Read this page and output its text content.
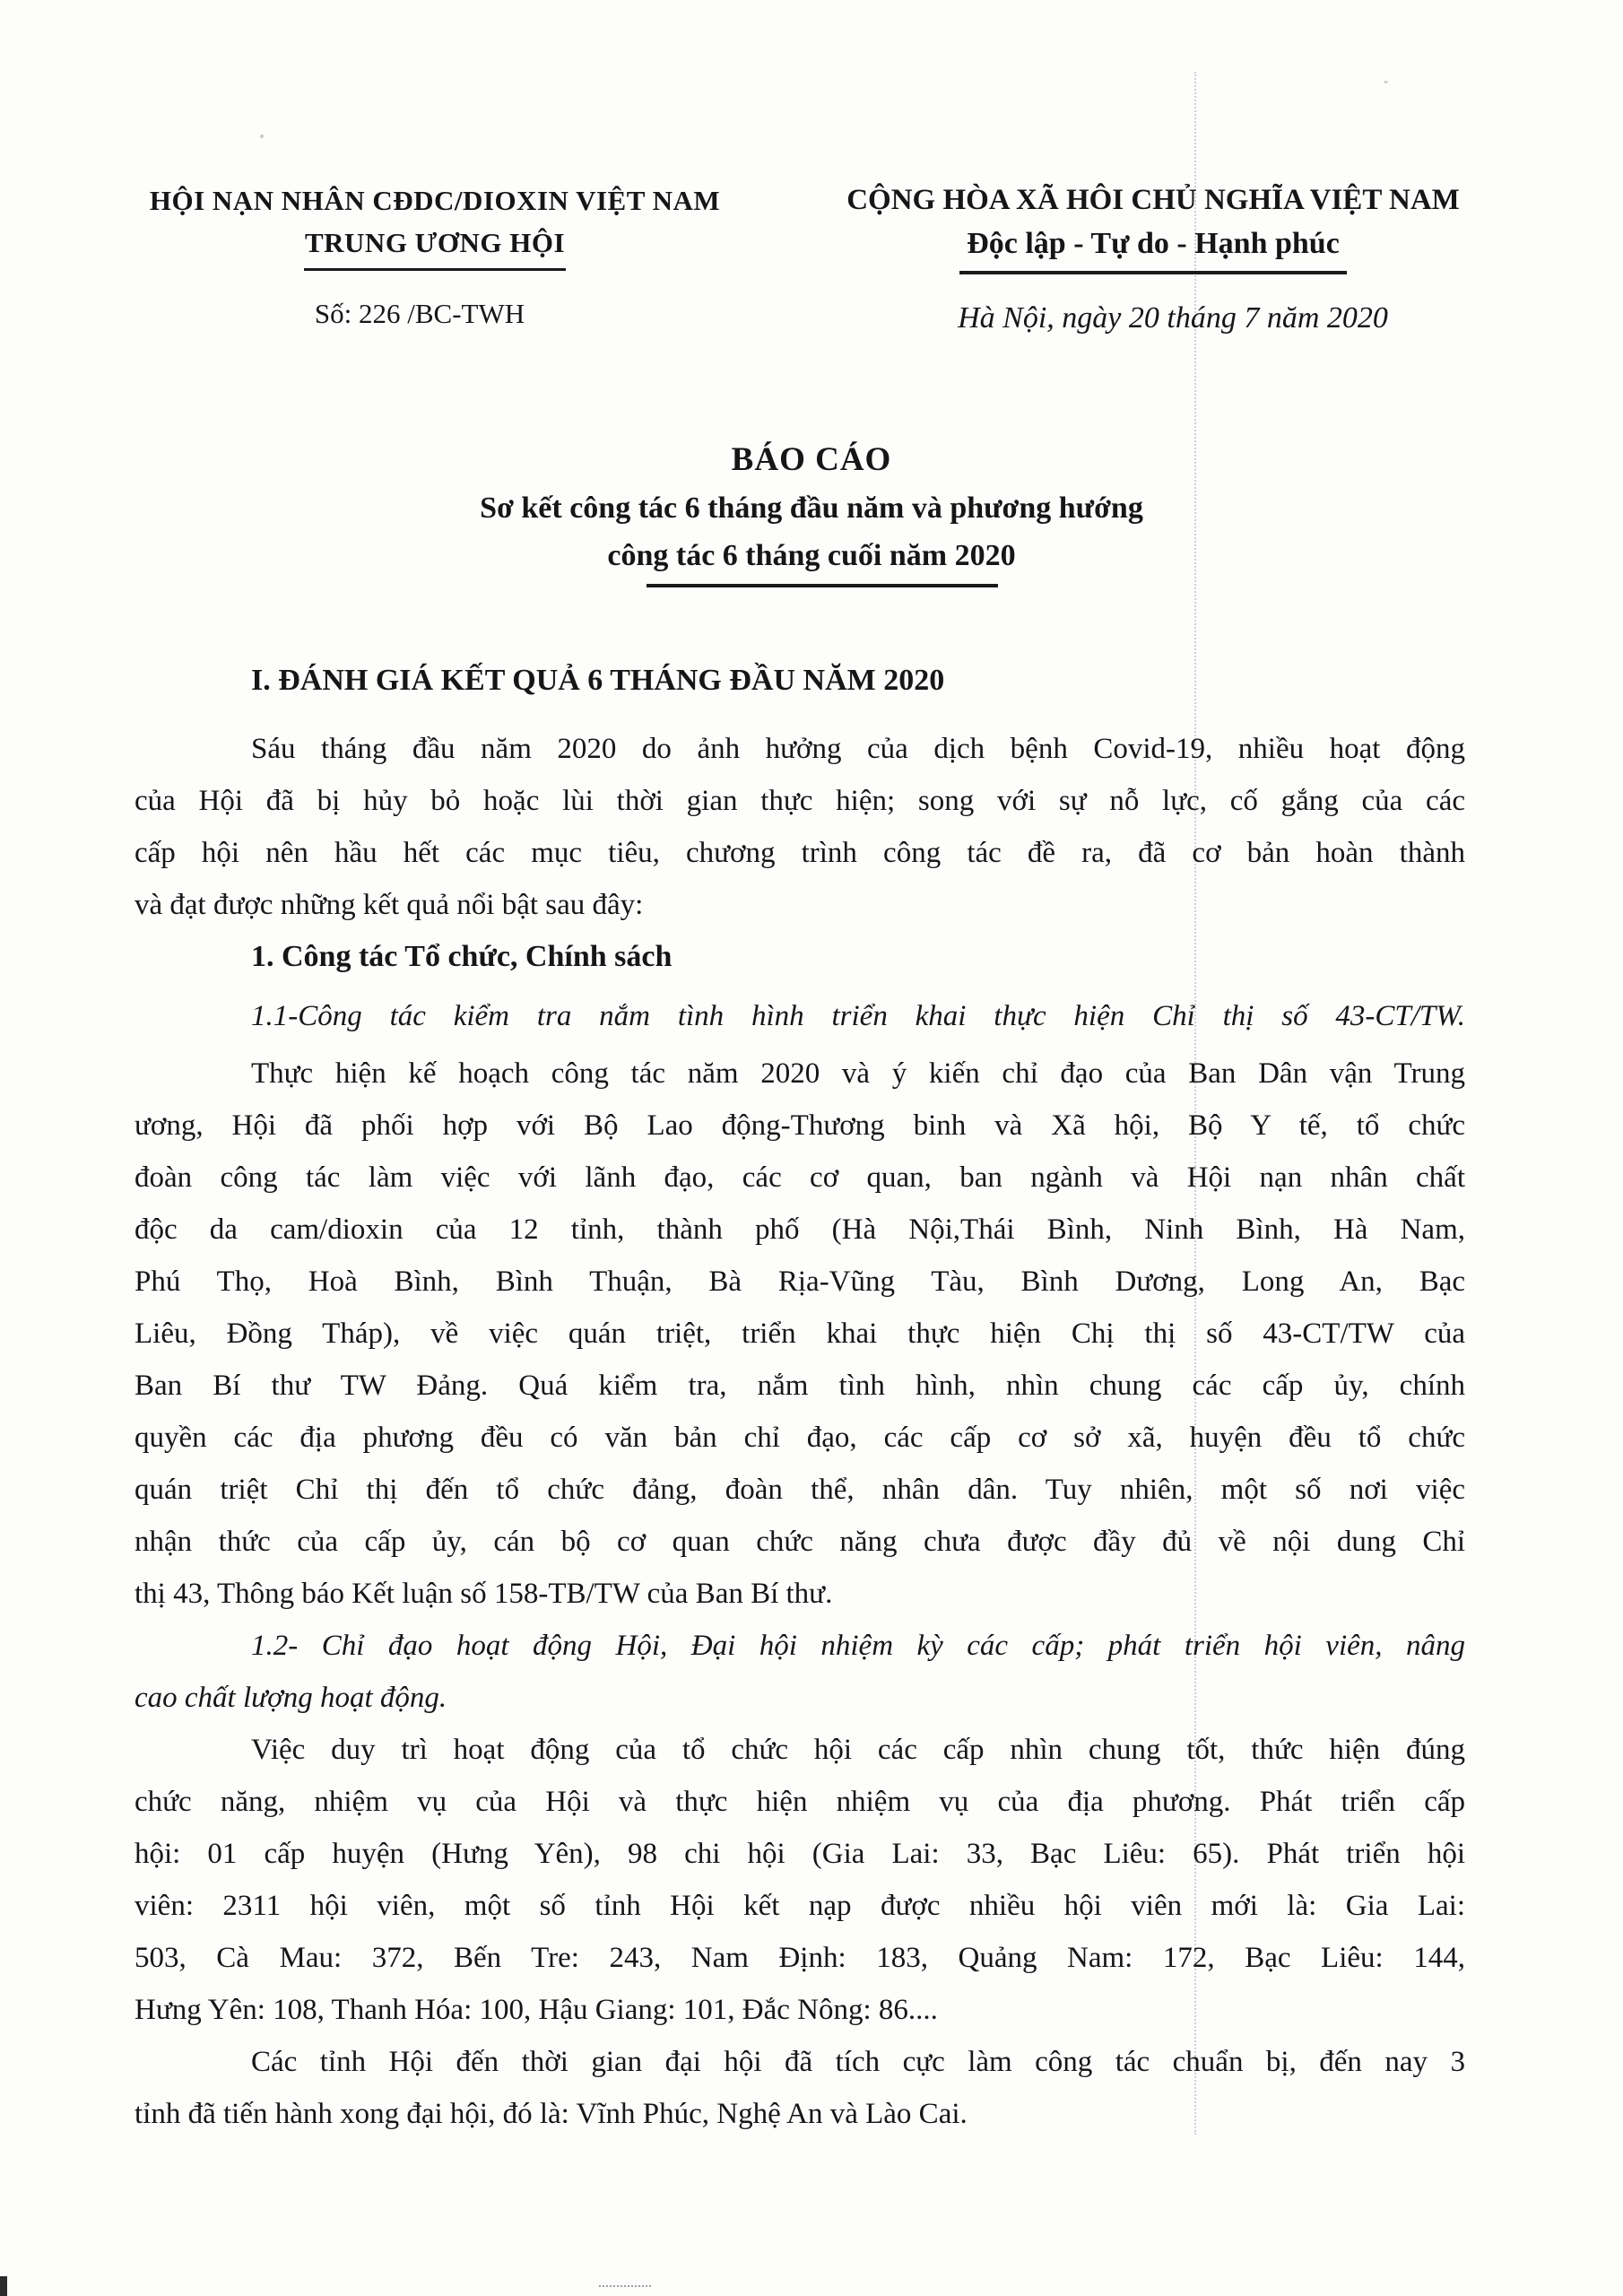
HỘI NẠN NHÂN CĐDC/DIOXIN VIỆT NAM
TRUNG ƯƠNG HỘI
Số: 226 /BC-TWH
CỘNG HÒA XÃ HÔI CHỦ NGHĨA VIỆT NAM
Độc lập - Tự do - Hạnh phúc
Hà Nội, ngày 20 tháng 7 năm 2020
BÁO CÁO
Sơ kết công tác 6 tháng đầu năm và phương hướng
công tác 6 tháng cuối năm 2020
I. ĐÁNH GIÁ KẾT QUẢ 6 THÁNG ĐẦU NĂM 2020
Sáu tháng đầu năm 2020 do ảnh hưởng của dịch bệnh Covid-19, nhiều hoạt động
của Hội đã bị hủy bỏ hoặc lùi thời gian thực hiện; song với sự nỗ lực, cố gắng của các
cấp hội nên hầu hết các mục tiêu, chương trình công tác đề ra, đã cơ bản hoàn thành
và đạt được những kết quả nổi bật sau đây:
1. Công tác Tổ chức, Chính sách
1.1-Công tác kiểm tra nắm tình hình triển khai thực hiện Chỉ thị số 43-CT/TW.
Thực hiện kế hoạch công tác năm 2020 và ý kiến chỉ đạo của Ban Dân vận Trung
ương, Hội đã phối hợp với Bộ Lao động-Thương binh và Xã hội, Bộ Y tế, tổ chức
đoàn công tác làm việc với lãnh đạo, các cơ quan, ban ngành và Hội nạn nhân chất
độc da cam/dioxin của 12 tỉnh, thành phố (Hà Nội,Thái Bình, Ninh Bình, Hà Nam,
Phú Thọ, Hoà Bình, Bình Thuận, Bà Rịa-Vũng Tàu, Bình Dương, Long An, Bạc
Liêu, Đồng Tháp), về việc quán triệt, triển khai thực hiện Chị thị số 43-CT/TW của
Ban Bí thư TW Đảng. Quá kiểm tra, nắm tình hình, nhìn chung các cấp ủy, chính
quyền các địa phương đều có văn bản chỉ đạo, các cấp cơ sở xã, huyện đều tổ chức
quán triệt Chỉ thị đến tổ chức đảng, đoàn thể, nhân dân. Tuy nhiên, một số nơi việc
nhận thức của cấp ủy, cán bộ cơ quan chức năng chưa được đầy đủ về nội dung Chỉ
thị 43, Thông báo Kết luận số 158-TB/TW của Ban Bí thư.
1.2- Chỉ đạo hoạt động Hội, Đại hội nhiệm kỳ các cấp; phát triển hội viên, nâng
cao chất lượng hoạt động.
Việc duy trì hoạt động của tổ chức hội các cấp nhìn chung tốt, thức hiện đúng
chức năng, nhiệm vụ của Hội và thực hiện nhiệm vụ của địa phương. Phát triển cấp
hội: 01 cấp huyện (Hưng Yên), 98 chi hội (Gia Lai: 33, Bạc Liêu: 65). Phát triển hội
viên: 2311 hội viên, một số tỉnh Hội kết nạp được nhiều hội viên mới là: Gia Lai:
503, Cà Mau: 372, Bến Tre: 243, Nam Định: 183, Quảng Nam: 172, Bạc Liêu: 144,
Hưng Yên: 108, Thanh Hóa: 100, Hậu Giang: 101, Đắc Nông: 86....
Các tỉnh Hội đến thời gian đại hội đã tích cực làm công tác chuẩn bị, đến nay 3
tỉnh đã tiến hành xong đại hội, đó là: Vĩnh Phúc, Nghệ An và Lào Cai.
